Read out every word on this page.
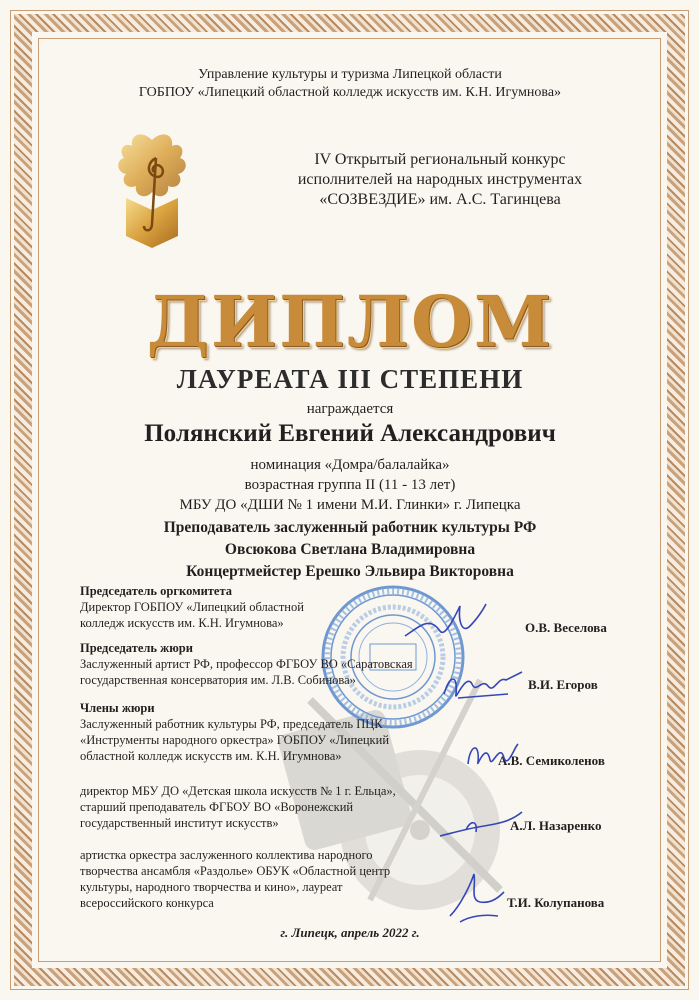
Управление культуры и туризма Липецкой области
ГОБПОУ «Липецкий областной колледж искусств им. К.Н. Игумнова»
IV Открытый региональный конкурс
исполнителей на народных инструментах
«СОЗВЕЗДИЕ» им. А.С. Тагинцева
ДИПЛОМ
ЛАУРЕАТА III СТЕПЕНИ
награждается
Полянский Евгений Александрович
номинация «Домра/балалайка»
возрастная группа II (11 - 13 лет)
МБУ ДО «ДШИ № 1 имени М.И. Глинки» г. Липецка
Преподаватель заслуженный работник культуры РФ
Овсюкова Светлана Владимировна
Концертмейстер Ерешко Эльвира Викторовна
Председатель оргкомитета
Директор ГОБПОУ «Липецкий областной
колледж искусств им. К.Н. Игумнова»	О.В. Веселова
Председатель жюри
Заслуженный артист РФ, профессор ФГБОУ ВО «Саратовская
государственная консерватория им. Л.В. Собинова»	В.И. Егоров
Члены жюри
Заслуженный работник культуры РФ, председатель ПЦК
«Инструменты народного оркестра» ГОБПОУ «Липецкий
областной колледж искусств им. К.Н. Игумнова»	А.В. Семиколенов
директор МБУ ДО «Детская школа искусств № 1 г. Ельца»,
старший преподаватель ФГБОУ ВО «Воронежский
государственный институт искусств»	А.Л. Назаренко
артистка оркестра заслуженного коллектива народного
творчества ансамбля «Раздолье» ОБУК «Областной центр
культуры, народного творчества и кино», лауреат
всероссийского конкурса	Т.И. Колупанова
г. Липецк, апрель 2022 г.
